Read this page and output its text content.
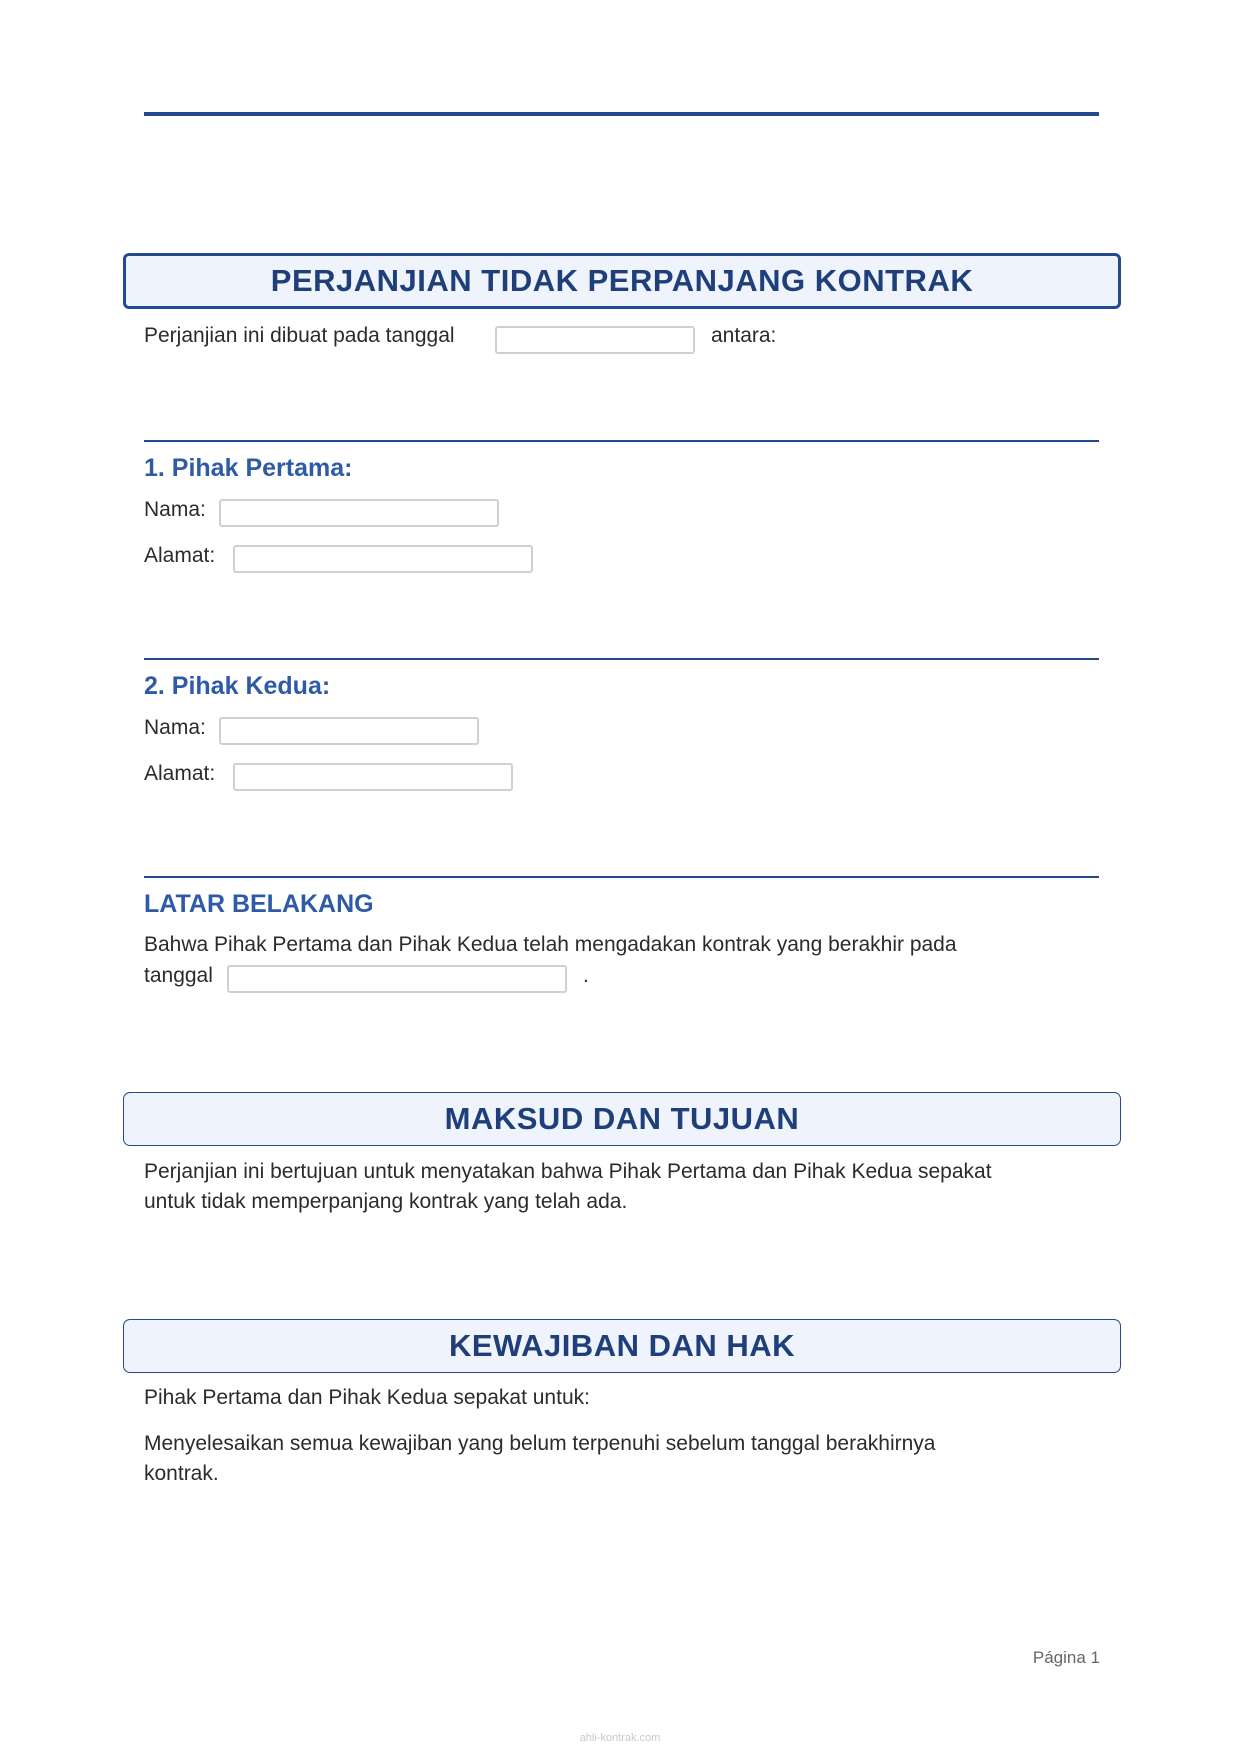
PERJANJIAN TIDAK PERPANJANG KONTRAK
Perjanjian ini dibuat pada tanggal	antara:
1. Pihak Pertama:
Nama:
Alamat:
2. Pihak Kedua:
Nama:
Alamat:
LATAR BELAKANG
Bahwa Pihak Pertama dan Pihak Kedua telah mengadakan kontrak yang berakhir pada
tanggal	.
MAKSUD DAN TUJUAN
Perjanjian ini bertujuan untuk menyatakan bahwa Pihak Pertama dan Pihak Kedua sepakat
untuk tidak memperpanjang kontrak yang telah ada.
KEWAJIBAN DAN HAK
Pihak Pertama dan Pihak Kedua sepakat untuk:
Menyelesaikan semua kewajiban yang belum terpenuhi sebelum tanggal berakhirnya
kontrak.
Página 1
ahli-kontrak.com
